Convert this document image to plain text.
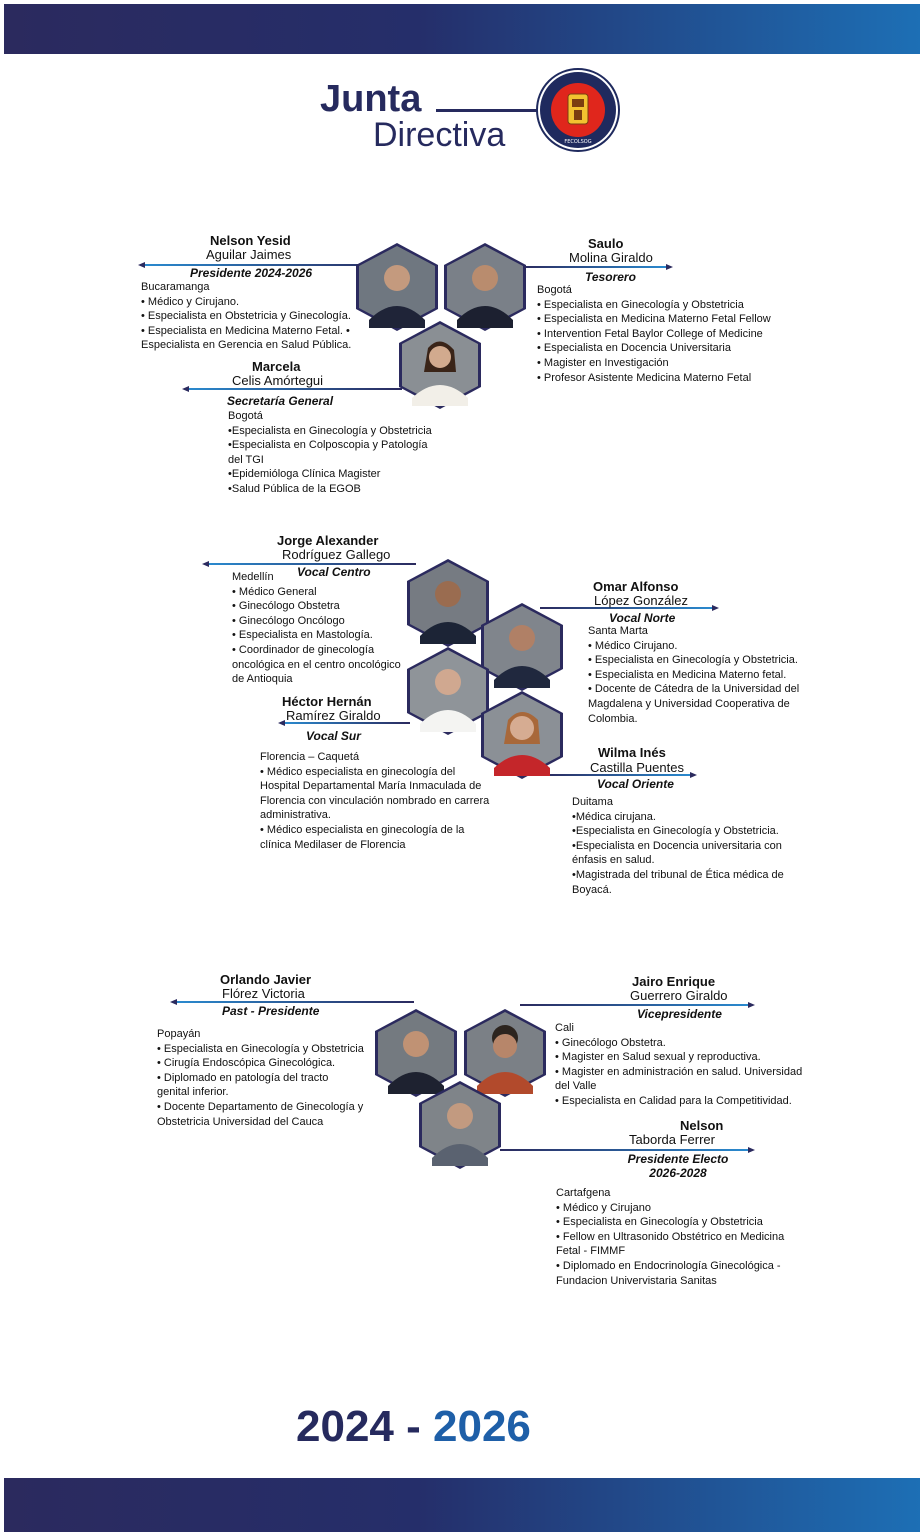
Junta
Directiva	FECOLSOG
Nelson Yesid
Aguilar Jaimes
Presidente 2024-2026
Bucaramanga
• Médico y Cirujano.
• Especialista en Obstetricia y Ginecología.
• Especialista en Medicina Materno Fetal. •
Especialista en Gerencia en Salud Pública.
Saulo
Molina Giraldo
Tesorero
Bogotá
• Especialista en Ginecología y Obstetricia
• Especialista en Medicina Materno Fetal Fellow
• Intervention Fetal Baylor College of Medicine
• Especialista en Docencia Universitaria
• Magister en Investigación
• Profesor Asistente Medicina Materno Fetal
Marcela
Celis Amórtegui
Secretaría General
Bogotá
•Especialista en Ginecología y Obstetricia
•Especialista en Colposcopia y Patología
del TGI
•Epidemióloga Clínica Magister
•Salud Pública de la EGOB
Jorge Alexander
Rodríguez Gallego
Vocal Centro
Medellín
• Médico General
• Ginecólogo Obstetra
• Ginecólogo Oncólogo
• Especialista en Mastología.
• Coordinador de ginecología
oncológica en el centro oncológico
de Antioquia
Omar Alfonso
López González
Vocal Norte
Santa Marta
• Médico Cirujano.
• Especialista en Ginecología y Obstetricia.
• Especialista en Medicina Materno fetal.
• Docente de Cátedra de la Universidad del
Magdalena y Universidad Cooperativa de
Colombia.
Héctor Hernán
Ramírez Giraldo
Vocal Sur
Florencia – Caquetá
• Médico especialista en ginecología del
Hospital Departamental María Inmaculada de
Florencia con vinculación nombrado en carrera
administrativa.
• Médico especialista en ginecología de la
clínica Medilaser de Florencia
Wilma Inés
Castilla Puentes
Vocal Oriente
Duitama
•Médica cirujana.
•Especialista en Ginecología y Obstetricia.
•Especialista en Docencia universitaria con
énfasis en salud.
•Magistrada del tribunal de Ética médica de
Boyacá.
Orlando Javier
Flórez Victoria
Past - Presidente
Popayán
• Especialista en Ginecología y Obstetricia
• Cirugía Endoscópica Ginecológica.
• Diplomado en patología del tracto
genital inferior.
• Docente Departamento de Ginecología y
Obstetricia Universidad del Cauca
Jairo Enrique
Guerrero Giraldo
Vicepresidente
Cali
• Ginecólogo Obstetra.
• Magister en Salud sexual y reproductiva.
• Magister en administración en salud. Universidad
del Valle
• Especialista en Calidad para la Competitividad.
Nelson
Taborda Ferrer
Presidente Electo
2026-2028
Cartafgena
• Médico y Cirujano
• Especialista en Ginecología y Obstetricia
• Fellow en Ultrasonido Obstétrico en Medicina
Fetal - FIMMF
• Diplomado en Endocrinología Ginecológica -
Fundacion Univervistaria Sanitas
2024 - 2026
